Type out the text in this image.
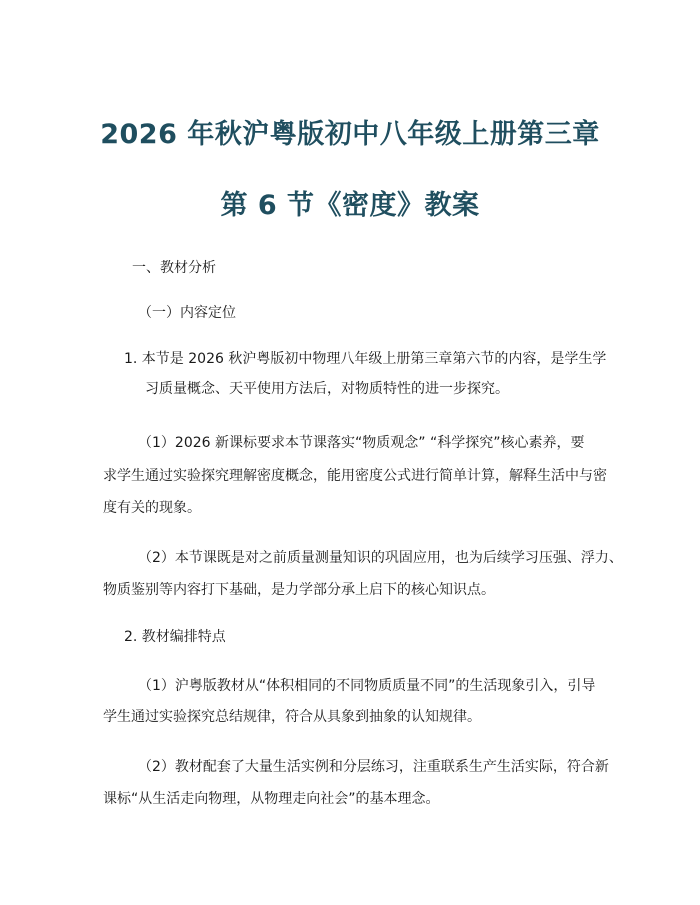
2026 年秋沪粤版初中八年级上册第三章
第 6 节《密度》教案
一、教材分析
（一）内容定位
1. 本节是 2026 秋沪粤版初中物理八年级上册第三章第六节的内容，是学生学
习质量概念、天平使用方法后，对物质特性的进一步探究。
（1）2026 新课标要求本节课落实“物质观念” “科学探究”核心素养，要
求学生通过实验探究理解密度概念，能用密度公式进行简单计算，解释生活中与密
度有关的现象。
（2）本节课既是对之前质量测量知识的巩固应用，也为后续学习压强、浮力、
物质鉴别等内容打下基础，是力学部分承上启下的核心知识点。
2. 教材编排特点
（1）沪粤版教材从“体积相同的不同物质质量不同”的生活现象引入，引导
学生通过实验探究总结规律，符合从具象到抽象的认知规律。
（2）教材配套了大量生活实例和分层练习，注重联系生产生活实际，符合新
课标“从生活走向物理，从物理走向社会”的基本理念。
